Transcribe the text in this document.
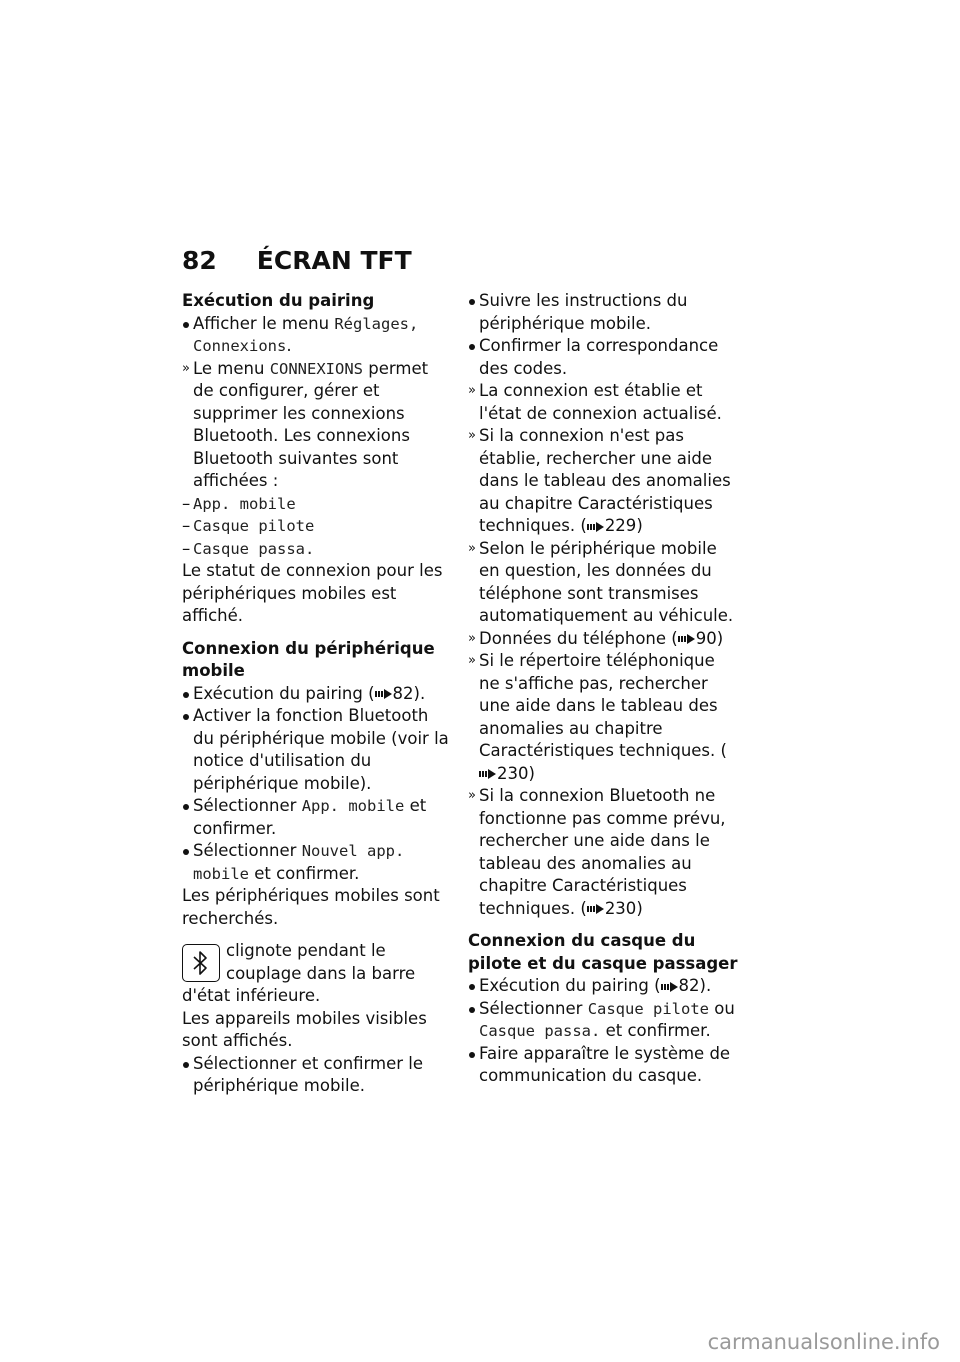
82 ÉCRAN TFT

Exécution du pairing

Afficher le menu Réglages, Connexions.
» Le menu CONNEXIONS permet de configurer, gérer et supprimer les connexions Bluetooth. Les connexions Bluetooth suivantes sont affichées :
– App. mobile
– Casque pilote
– Casque passa.

Le statut de connexion pour les périphériques mobiles est affiché.

Connexion du périphérique mobile

Exécution du pairing ( 82).
Activer la fonction Bluetooth du périphérique mobile (voir la notice d'utilisation du périphérique mobile).
Sélectionner App. mobile et confirmer.
Sélectionner Nouvel app. mobile et confirmer.

Les périphériques mobiles sont recherchés.

clignote pendant le couplage dans la barre d'état inférieure.

Les appareils mobiles visibles sont affichés.

Sélectionner et confirmer le périphérique mobile.
Suivre les instructions du périphérique mobile.
Confirmer la correspondance des codes.
» La connexion est établie et l'état de connexion actualisé.
» Si la connexion n'est pas établie, rechercher une aide dans le tableau des anomalies au chapitre Caractéristiques techniques. ( 229)
» Selon le périphérique mobile en question, les données du téléphone sont transmises automatiquement au véhicule.
» Données du téléphone ( 90)
» Si le répertoire téléphonique ne s'affiche pas, rechercher une aide dans le tableau des anomalies au chapitre Caractéristiques techniques. (230)
» Si la connexion Bluetooth ne fonctionne pas comme prévu, rechercher une aide dans le tableau des anomalies au chapitre Caractéristiques techniques. ( 230)

Connexion du casque du pilote et du casque passager

Exécution du pairing ( 82).
Sélectionner Casque pilote ou Casque passa. et confirmer.
Faire apparaître le système de communication du casque.
carmanualsonline.info
